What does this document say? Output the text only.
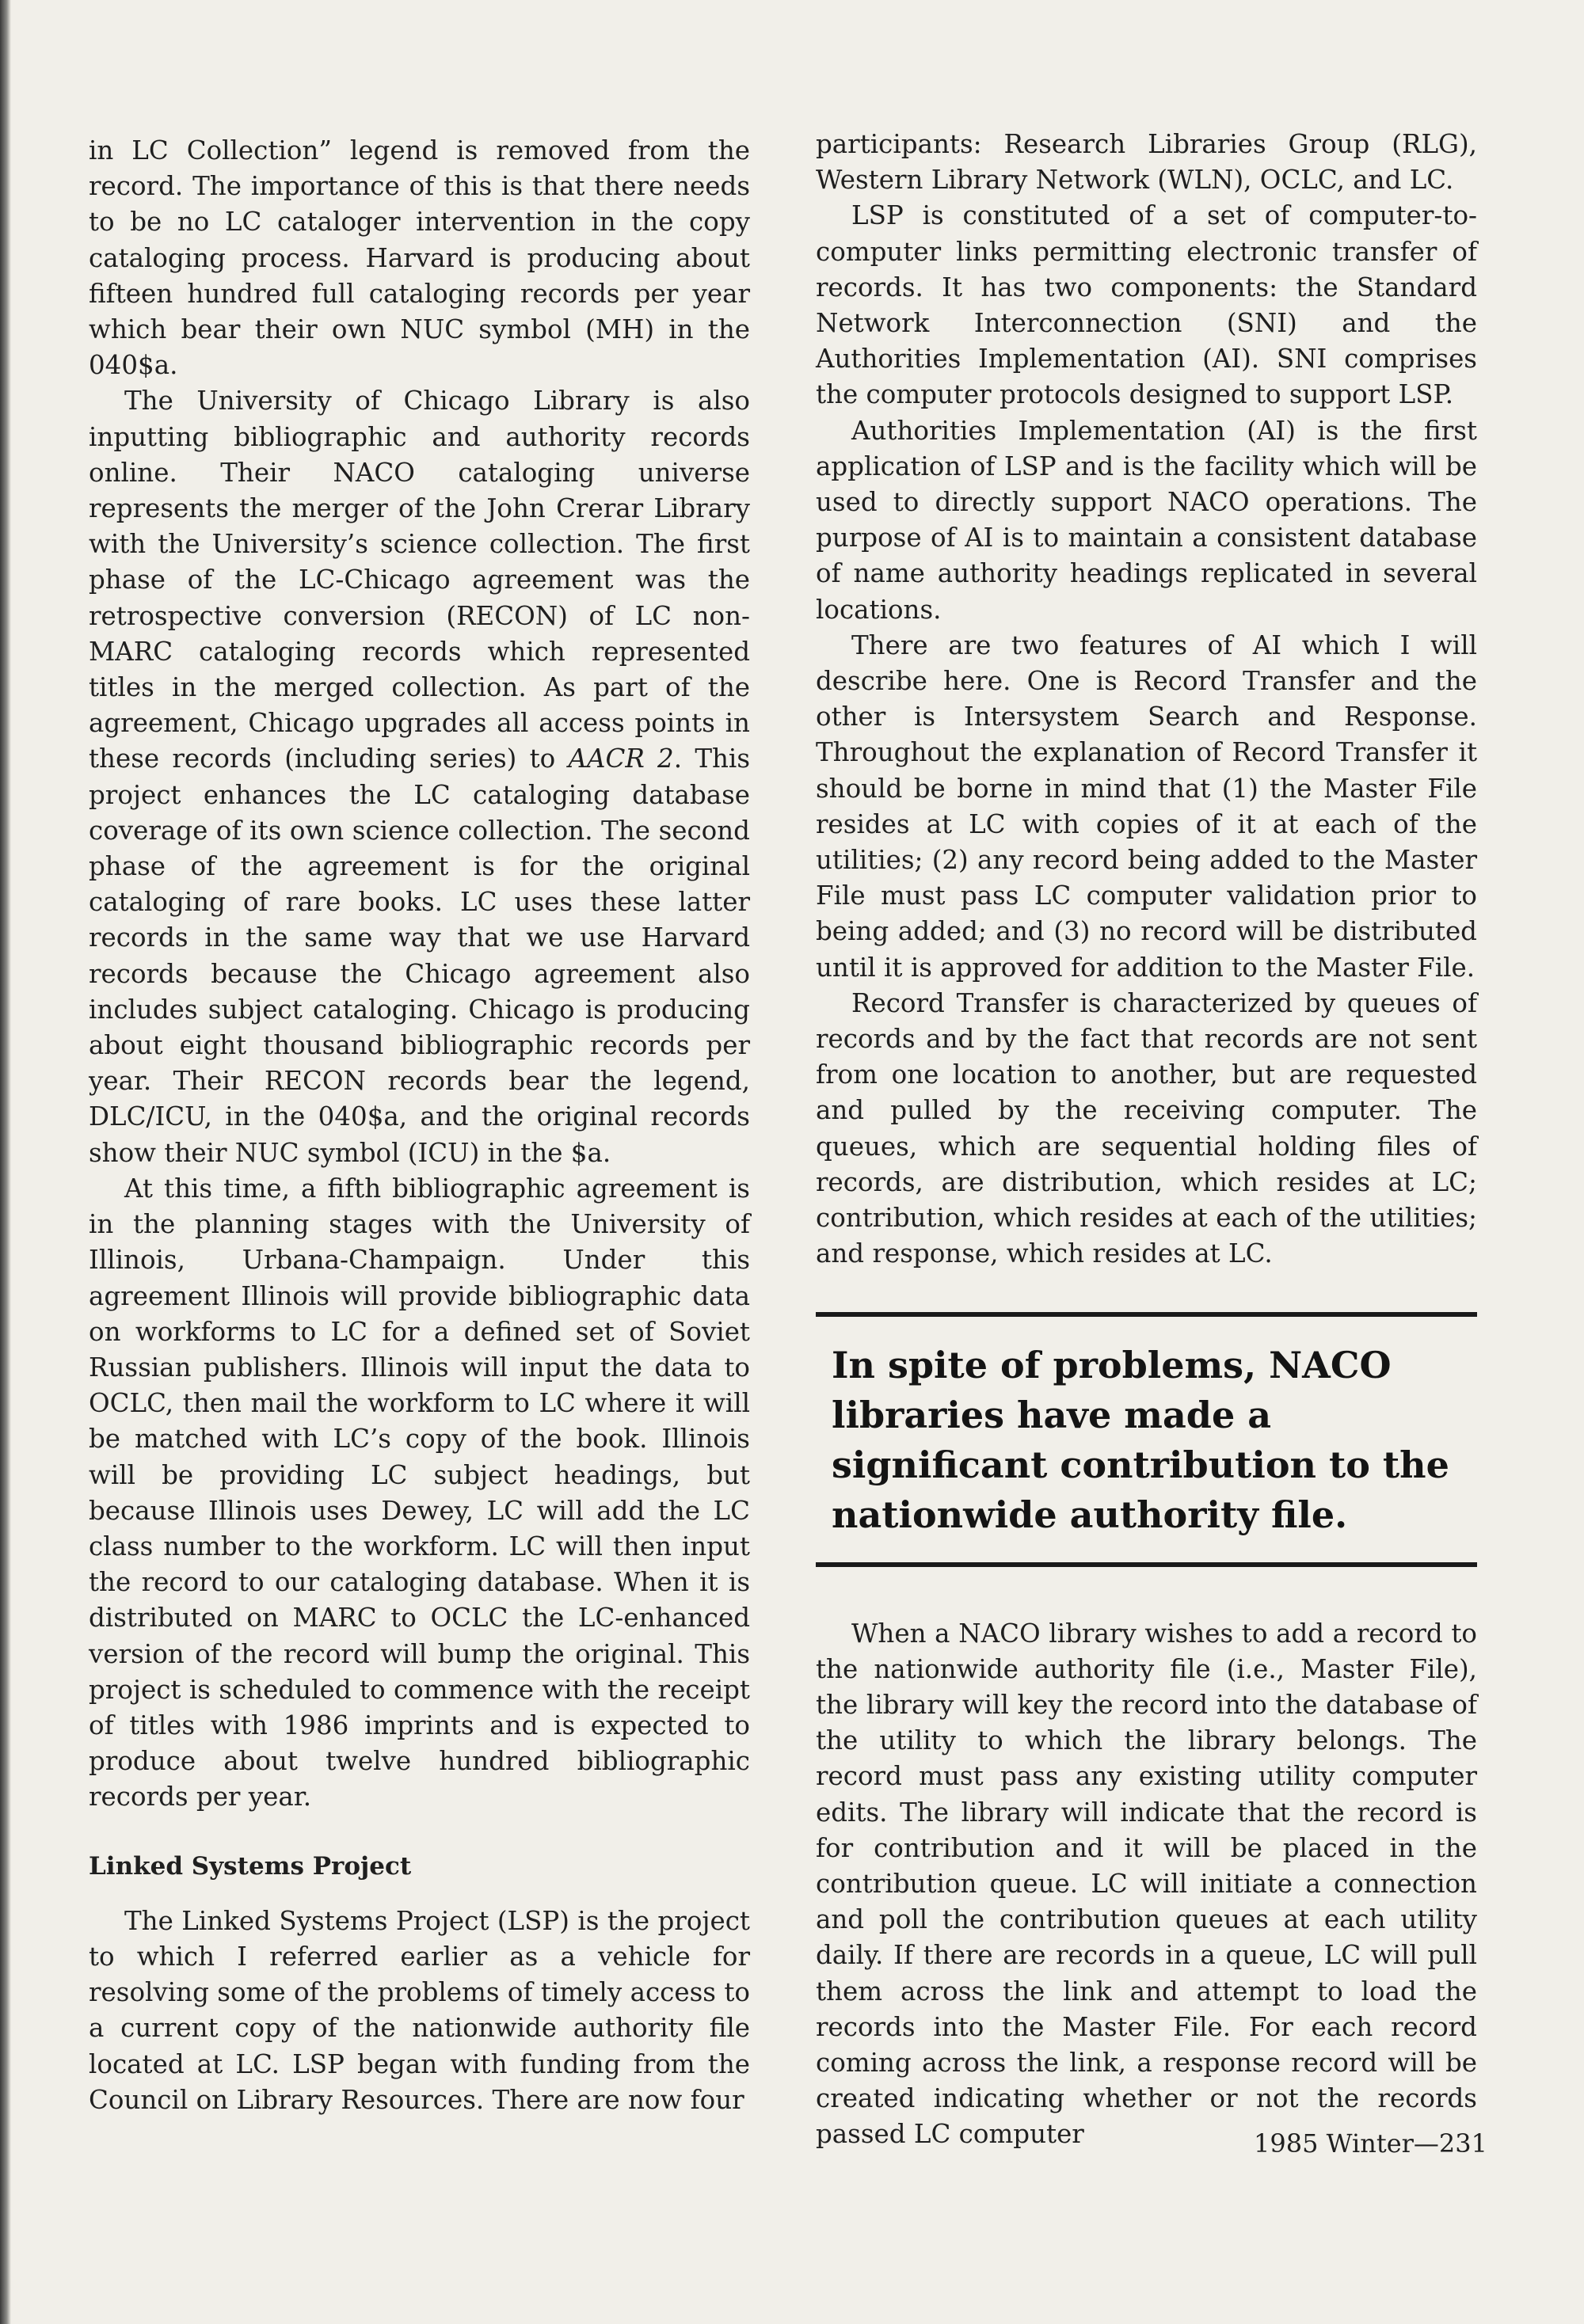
in LC Collection” legend is removed from the record. The importance of this is that there needs to be no LC cataloger intervention in the copy cataloging process. Harvard is producing about fifteen hundred full cataloging records per year which bear their own NUC symbol (MH) in the 040$a.

The University of Chicago Library is also inputting bibliographic and authority records online. Their NACO cataloging universe represents the merger of the John Crerar Library with the University’s science collection. The first phase of the LC-Chicago agreement was the retrospective conversion (RECON) of LC non-MARC cataloging records which represented titles in the merged collection. As part of the agreement, Chicago upgrades all access points in these records (including series) to AACR 2. This project enhances the LC cataloging database coverage of its own science collection. The second phase of the agreement is for the original cataloging of rare books. LC uses these latter records in the same way that we use Harvard records because the Chicago agreement also includes subject cataloging. Chicago is producing about eight thousand bibliographic records per year. Their RECON records bear the legend, DLC/ICU, in the 040$a, and the original records show their NUC symbol (ICU) in the $a.

At this time, a fifth bibliographic agreement is in the planning stages with the University of Illinois, Urbana-Champaign. Under this agreement Illinois will provide bibliographic data on workforms to LC for a defined set of Soviet Russian publishers. Illinois will input the data to OCLC, then mail the workform to LC where it will be matched with LC’s copy of the book. Illinois will be providing LC subject headings, but because Illinois uses Dewey, LC will add the LC class number to the workform. LC will then input the record to our cataloging database. When it is distributed on MARC to OCLC the LC-enhanced version of the record will bump the original. This project is scheduled to commence with the receipt of titles with 1986 imprints and is expected to produce about twelve hundred bibliographic records per year.

Linked Systems Project

The Linked Systems Project (LSP) is the project to which I referred earlier as a vehicle for resolving some of the problems of timely access to a current copy of the nationwide authority file located at LC. LSP began with funding from the Council on Library Resources. There are now four

participants: Research Libraries Group (RLG), Western Library Network (WLN), OCLC, and LC.

LSP is constituted of a set of computer-to-computer links permitting electronic transfer of records. It has two components: the Standard Network Interconnection (SNI) and the Authorities Implementation (AI). SNI comprises the computer protocols designed to support LSP.

Authorities Implementation (AI) is the first application of LSP and is the facility which will be used to directly support NACO operations. The purpose of AI is to maintain a consistent database of name authority headings replicated in several locations.

There are two features of AI which I will describe here. One is Record Transfer and the other is Intersystem Search and Response. Throughout the explanation of Record Transfer it should be borne in mind that (1) the Master File resides at LC with copies of it at each of the utilities; (2) any record being added to the Master File must pass LC computer validation prior to being added; and (3) no record will be distributed until it is approved for addition to the Master File.

Record Transfer is characterized by queues of records and by the fact that records are not sent from one location to another, but are requested and pulled by the receiving computer. The queues, which are sequential holding files of records, are distribution, which resides at LC; contribution, which resides at each of the utilities; and response, which resides at LC.

In spite of problems, NACO libraries have made a significant contribution to the nationwide authority file.

When a NACO library wishes to add a record to the nationwide authority file (i.e., Master File), the library will key the record into the database of the utility to which the library belongs. The record must pass any existing utility computer edits. The library will indicate that the record is for contribution and it will be placed in the contribution queue. LC will initiate a connection and poll the contribution queues at each utility daily. If there are records in a queue, LC will pull them across the link and attempt to load the records into the Master File. For each record coming across the link, a response record will be created indicating whether or not the records passed LC computer	1985 Winter—231
